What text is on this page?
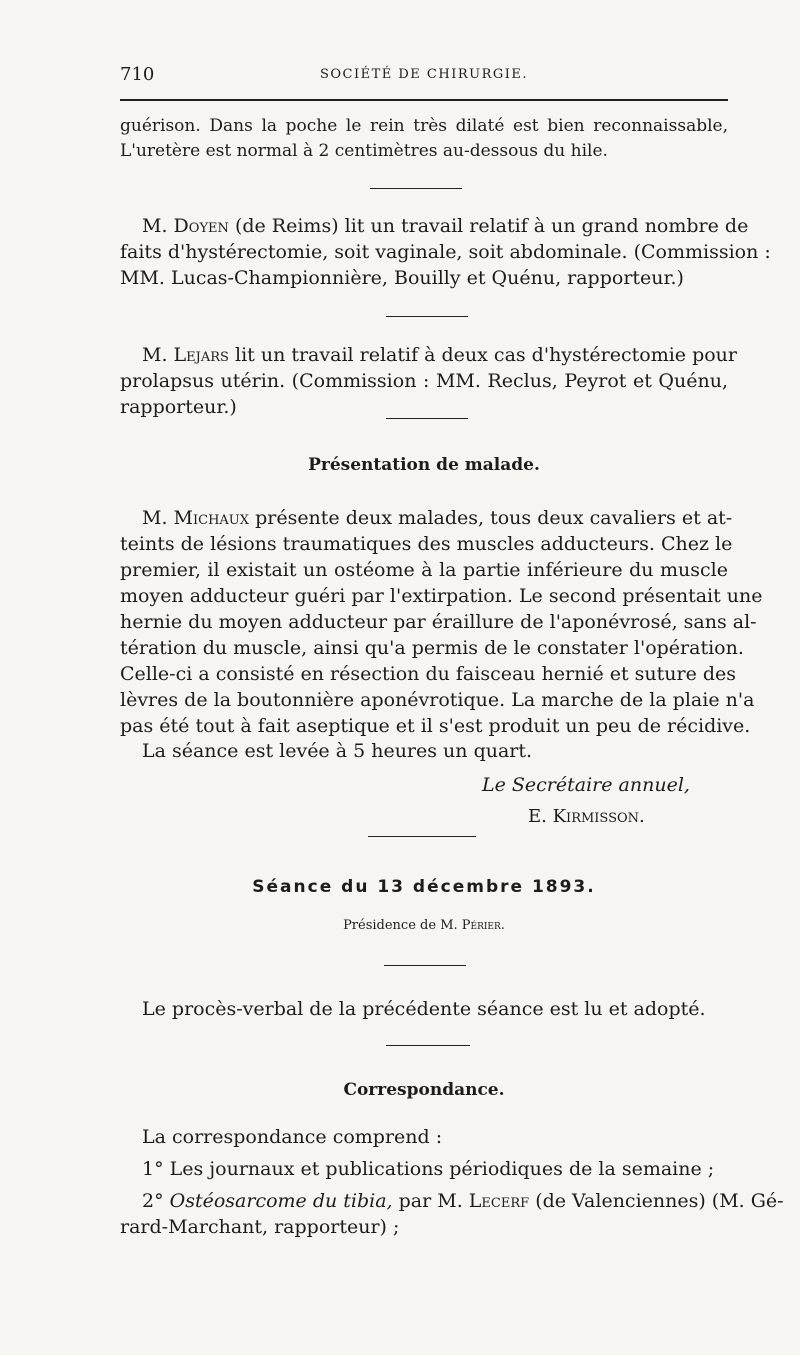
710	SOCIÉTÉ DE CHIRURGIE.
guérison. Dans la poche le rein très dilaté est bien reconnaissable,
L'uretère est normal à 2 centimètres au-dessous du hile.
M. Doyen (de Reims) lit un travail relatif à un grand nombre de
faits d'hystérectomie, soit vaginale, soit abdominale. (Commission :
MM. Lucas-Championnière, Bouilly et Quénu, rapporteur.)
M. Lejars lit un travail relatif à deux cas d'hystérectomie pour
prolapsus utérin. (Commission : MM. Reclus, Peyrot et Quénu,
rapporteur.)
Présentation de malade.
M. Michaux présente deux malades, tous deux cavaliers et at-
teints de lésions traumatiques des muscles adducteurs. Chez le
premier, il existait un ostéome à la partie inférieure du muscle
moyen adducteur guéri par l'extirpation. Le second présentait une
hernie du moyen adducteur par éraillure de l'aponévrosé, sans al-
tération du muscle, ainsi qu'a permis de le constater l'opération.
Celle-ci a consisté en résection du faisceau hernié et suture des
lèvres de la boutonnière aponévrotique. La marche de la plaie n'a
pas été tout à fait aseptique et il s'est produit un peu de récidive.
La séance est levée à 5 heures un quart.
Le Secrétaire annuel,
E. Kirmisson.
Séance du 13 décembre 1893.
Présidence de M. Périer.
Le procès-verbal de la précédente séance est lu et adopté.
Correspondance.
La correspondance comprend :
1° Les journaux et publications périodiques de la semaine ;
2° Ostéosarcome du tibia, par M. Lecerf (de Valenciennes) (M. Gé-
rard-Marchant, rapporteur) ;
